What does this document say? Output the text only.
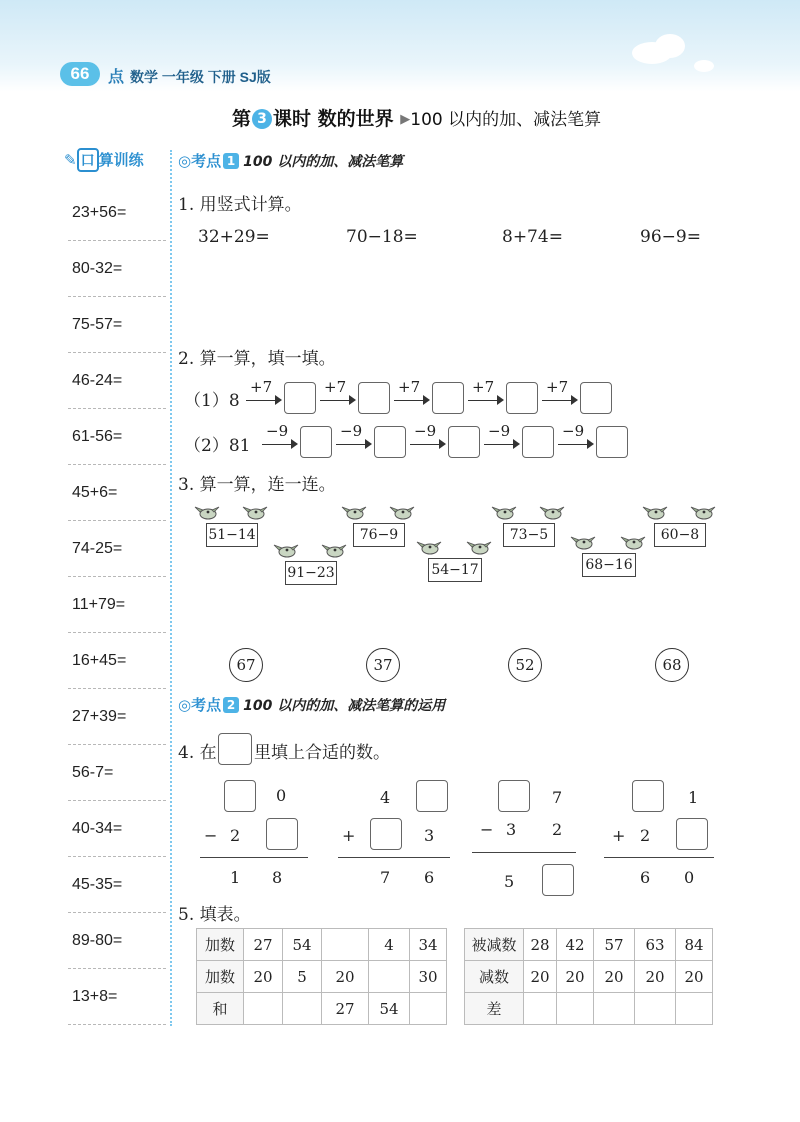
66	点 数学 一年级 下册 SJ版
第 3 课时 数的世界 ▶100 以内的加、减法笔算
✎ 口 算训练
23+56=
80-32=
75-57=
46-24=
61-56=
45+6=
74-25=
11+79=
16+45=
27+39=
56-7=
40-34=
45-35=
89-80=
13+8=
◎考点 1 100 以内的加、减法笔算
1. 用竖式计算。
32+29=	70−18=	8+74=	96−9=
2. 算一算，填一填。
（1）8
（2）81
+7	+7	+7	+7	+7
−9	−9	−9	−9	−9
3. 算一算，连一连。
51−14
91−23
76−9
54−17
73−5
68−16
60−8
67	37	52	68
◎考点 2 100 以内的加、减法笔算的运用
4. 在 里填上合适的数。
0
− 2
1 8
4
+	3
7 6
7
− 3 2
5
1
+ 2
6 0
5. 填表。
加数	27	54		4	34
加数	20	5	20		30
和			27	54	
被减数	28	42	57	63	84
减数	20	20	20	20	20
差					
